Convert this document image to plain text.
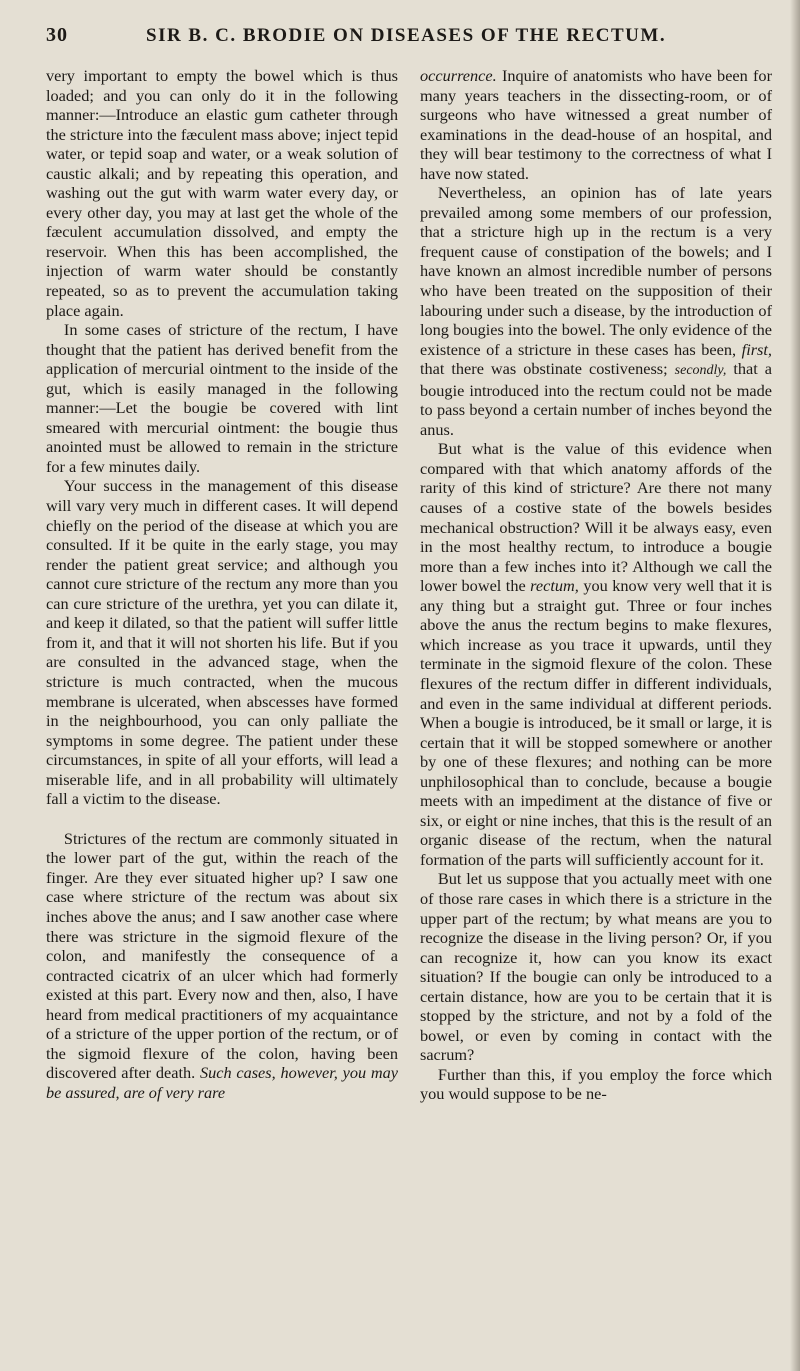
30	SIR B. C. BRODIE ON DISEASES OF THE RECTUM.

very important to empty the bowel which is thus loaded; and you can only do it in the following manner:—Introduce an elastic gum catheter through the stricture into the fæculent mass above; inject tepid water, or tepid soap and water, or a weak solution of caustic alkali; and by repeating this operation, and washing out the gut with warm water every day, or every other day, you may at last get the whole of the fæculent accumulation dissolved, and empty the reservoir. When this has been accomplished, the injection of warm water should be constantly repeated, so as to prevent the accumulation taking place again.

In some cases of stricture of the rectum, I have thought that the patient has derived benefit from the application of mercurial ointment to the inside of the gut, which is easily managed in the following manner:—Let the bougie be covered with lint smeared with mercurial ointment: the bougie thus anointed must be allowed to remain in the stricture for a few minutes daily.

Your success in the management of this disease will vary very much in different cases. It will depend chiefly on the period of the disease at which you are consulted. If it be quite in the early stage, you may render the patient great service; and although you cannot cure stricture of the rectum any more than you can cure stricture of the urethra, yet you can dilate it, and keep it dilated, so that the patient will suffer little from it, and that it will not shorten his life. But if you are consulted in the advanced stage, when the stricture is much contracted, when the mucous membrane is ulcerated, when abscesses have formed in the neighbourhood, you can only palliate the symptoms in some degree. The patient under these circumstances, in spite of all your efforts, will lead a miserable life, and in all probability will ultimately fall a victim to the disease.

Strictures of the rectum are commonly situated in the lower part of the gut, within the reach of the finger. Are they ever situated higher up? I saw one case where stricture of the rectum was about six inches above the anus; and I saw another case where there was stricture in the sigmoid flexure of the colon, and manifestly the consequence of a contracted cicatrix of an ulcer which had formerly existed at this part. Every now and then, also, I have heard from medical practitioners of my acquaintance of a stricture of the upper portion of the rectum, or of the sigmoid flexure of the colon, having been discovered after death. Such cases, however, you may be assured, are of very rare

occurrence. Inquire of anatomists who have been for many years teachers in the dissecting-room, or of surgeons who have witnessed a great number of examinations in the dead-house of an hospital, and they will bear testimony to the correctness of what I have now stated.

Nevertheless, an opinion has of late years prevailed among some members of our profession, that a stricture high up in the rectum is a very frequent cause of constipation of the bowels; and I have known an almost incredible number of persons who have been treated on the supposition of their labouring under such a disease, by the introduction of long bougies into the bowel. The only evidence of the existence of a stricture in these cases has been, first, that there was obstinate costiveness; secondly, that a bougie introduced into the rectum could not be made to pass beyond a certain number of inches beyond the anus.

But what is the value of this evidence when compared with that which anatomy affords of the rarity of this kind of stricture? Are there not many causes of a costive state of the bowels besides mechanical obstruction? Will it be always easy, even in the most healthy rectum, to introduce a bougie more than a few inches into it? Although we call the lower bowel the rectum, you know very well that it is any thing but a straight gut. Three or four inches above the anus the rectum begins to make flexures, which increase as you trace it upwards, until they terminate in the sigmoid flexure of the colon. These flexures of the rectum differ in different individuals, and even in the same individual at different periods. When a bougie is introduced, be it small or large, it is certain that it will be stopped somewhere or another by one of these flexures; and nothing can be more unphilosophical than to conclude, because a bougie meets with an impediment at the distance of five or six, or eight or nine inches, that this is the result of an organic disease of the rectum, when the natural formation of the parts will sufficiently account for it.

But let us suppose that you actually meet with one of those rare cases in which there is a stricture in the upper part of the rectum; by what means are you to recognize the disease in the living person? Or, if you can recognize it, how can you know its exact situation? If the bougie can only be introduced to a certain distance, how are you to be certain that it is stopped by the stricture, and not by a fold of the bowel, or even by coming in contact with the sacrum?

Further than this, if you employ the force which you would suppose to be ne-
